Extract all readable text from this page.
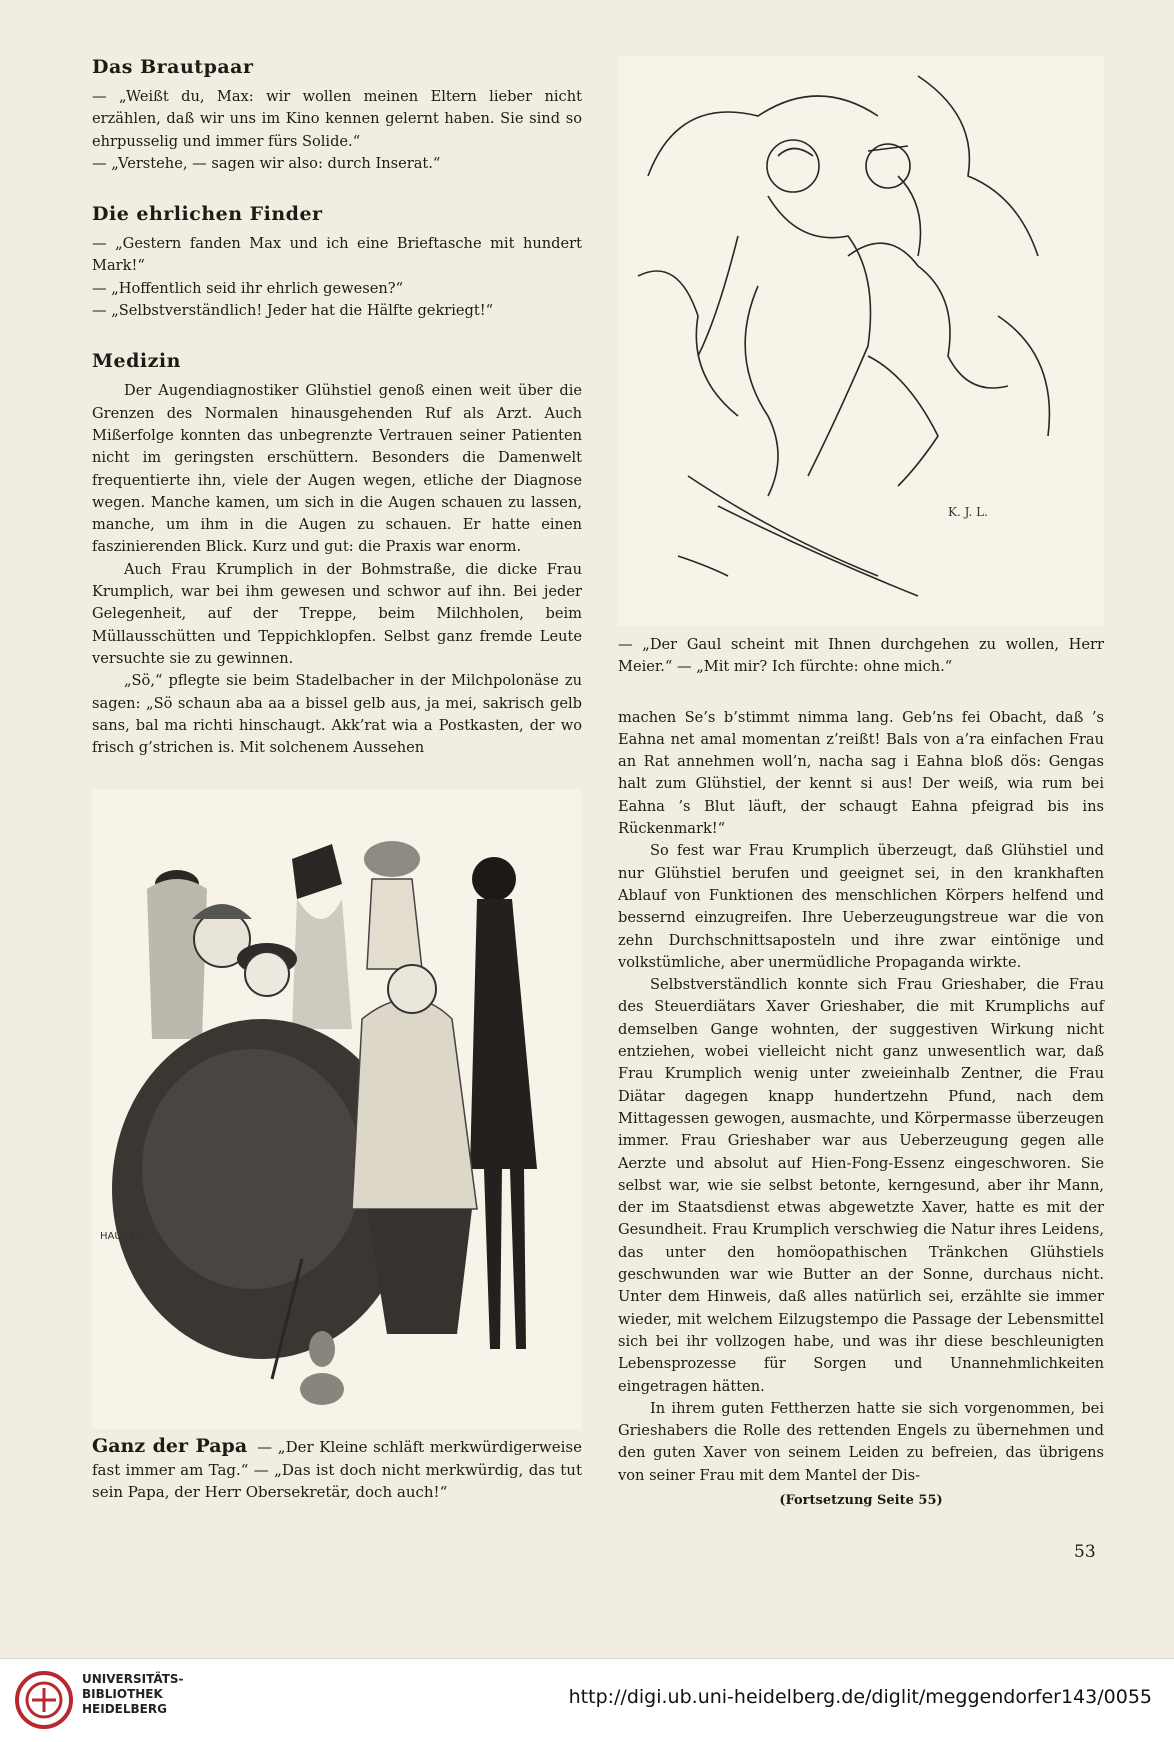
Das Brautpaar

— „Weißt du, Max: wir wollen meinen Eltern lieber nicht erzählen, daß wir uns im Kino kennen gelernt haben. Sie sind so ehrpusselig und immer fürs Solide.“

— „Verstehe, — sagen wir also: durch Inserat.“

Die ehrlichen Finder

— „Gestern fanden Max und ich eine Brieftasche mit hundert Mark!“

— „Hoffentlich seid ihr ehrlich gewesen?“

— „Selbstverständlich! Jeder hat die Hälfte gekriegt!“

Medizin

Der Augendiagnostiker Glühstiel genoß einen weit über die Grenzen des Normalen hinausgehenden Ruf als Arzt. Auch Mißerfolge konnten das unbegrenzte Vertrauen seiner Patienten nicht im geringsten erschüttern. Besonders die Damenwelt frequentierte ihn, viele der Augen wegen, etliche der Diagnose wegen. Manche kamen, um sich in die Augen schauen zu lassen, manche, um ihm in die Augen zu schauen. Er hatte einen faszinierenden Blick. Kurz und gut: die Praxis war enorm.

Auch Frau Krumplich in der Bohmstraße, die dicke Frau Krumplich, war bei ihm gewesen und schwor auf ihn. Bei jeder Gelegenheit, auf der Treppe, beim Milchholen, beim Müllausschütten und Teppichklopfen. Selbst ganz fremde Leute versuchte sie zu gewinnen.

„Sö,“ pflegte sie beim Stadelbacher in der Milchpolonäse zu sagen: „Sö schaun aba aa a bissel gelb aus, ja mei, sakrisch gelb sans, bal ma richti hinschaugt. Akk’rat wia a Postkasten, der wo frisch g’strichen is. Mit solchenem Aussehen

HAUDER

Ganz der Papa — „Der Kleine schläft merkwürdigerweise fast immer am Tag.“ — „Das ist doch nicht merkwürdig, das tut sein Papa, der Herr Obersekretär, doch auch!“

K. J. L.

— „Der Gaul scheint mit Ihnen durchgehen zu wollen, Herr Meier.“ — „Mit mir? Ich fürchte: ohne mich.“

machen Se’s b’stimmt nimma lang. Geb’ns fei Obacht, daß ’s Eahna net amal momentan z’reißt! Bals von a’ra einfachen Frau an Rat annehmen woll’n, nacha sag i Eahna bloß dös: Gengas halt zum Glühstiel, der kennt si aus! Der weiß, wia rum bei Eahna ’s Blut läuft, der schaugt Eahna pfeigrad bis ins Rückenmark!“

So fest war Frau Krumplich überzeugt, daß Glühstiel und nur Glühstiel berufen und geeignet sei, in den krankhaften Ablauf von Funktionen des menschlichen Körpers helfend und bessernd einzugreifen. Ihre Ueberzeugungstreue war die von zehn Durchschnittsaposteln und ihre zwar eintönige und volkstümliche, aber unermüdliche Propaganda wirkte.

Selbstverständlich konnte sich Frau Grieshaber, die Frau des Steuerdiätars Xaver Grieshaber, die mit Krumplichs auf demselben Gange wohnten, der suggestiven Wirkung nicht entziehen, wobei vielleicht nicht ganz unwesentlich war, daß Frau Krumplich wenig unter zweieinhalb Zentner, die Frau Diätar dagegen knapp hundertzehn Pfund, nach dem Mittagessen gewogen, ausmachte, und Körpermasse überzeugen immer. Frau Grieshaber war aus Ueberzeugung gegen alle Aerzte und absolut auf Hien-Fong-Essenz eingeschworen. Sie selbst war, wie sie selbst betonte, kerngesund, aber ihr Mann, der im Staatsdienst etwas abgewetzte Xaver, hatte es mit der Gesundheit. Frau Krumplich verschwieg die Natur ihres Leidens, das unter den homöopathischen Tränkchen Glühstiels geschwunden war wie Butter an der Sonne, durchaus nicht. Unter dem Hinweis, daß alles natürlich sei, erzählte sie immer wieder, mit welchem Eilzugstempo die Passage der Lebensmittel sich bei ihr vollzogen habe, und was ihr diese beschleunigten Lebensprozesse für Sorgen und Unannehmlichkeiten eingetragen hätten.

In ihrem guten Fettherzen hatte sie sich vorgenommen, bei Grieshabers die Rolle des rettenden Engels zu übernehmen und den guten Xaver von seinem Leiden zu befreien, das übrigens von seiner Frau mit dem Mantel der Dis-

(Fortsetzung Seite 55)
53
UNIVERSITÄTS-
BIBLIOTHEK
HEIDELBERG
http://digi.ub.uni-heidelberg.de/diglit/meggendorfer143/0055
